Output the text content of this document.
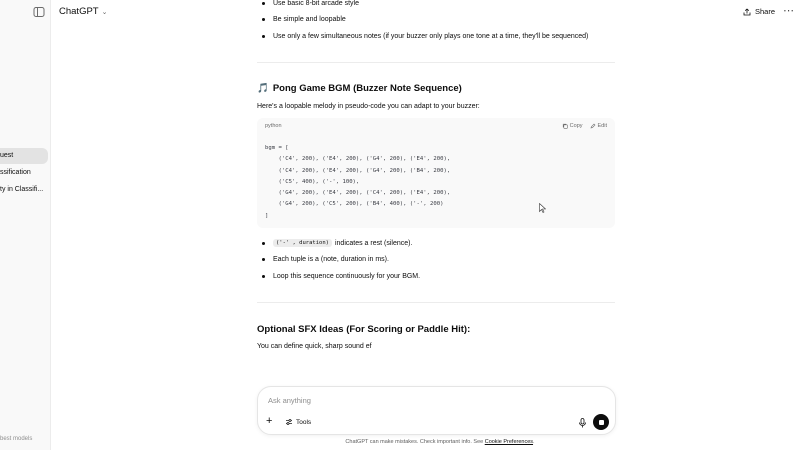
uest
ssification
ty in Classifi...
best models
ChatGPT ⌄	Share ⋯
Use basic 8-bit arcade style
Be simple and loopable
Use only a few simultaneous notes (if your buzzer only plays one tone at a time, they'll be sequenced)
🎵 Pong Game BGM (Buzzer Note Sequence)
Here's a loopable melody in pseudo-code you can adapt to your buzzer:
python	Copy	Edit
bgm = [
('C4', 200), ('E4', 200), ('G4', 200), ('E4', 200),
('C4', 200), ('E4', 200), ('G4', 200), ('B4', 200),
('C5', 400), ('-', 100),
('G4', 200), ('E4', 200), ('C4', 200), ('E4', 200),
('G4', 200), ('C5', 200), ('B4', 400), ('-', 200)
]
('-' , duration) indicates a rest (silence).
Each tuple is a (note, duration in ms).
Loop this sequence continuously for your BGM.
Optional SFX Ideas (For Scoring or Paddle Hit):
You can define quick, sharp sound ef
Ask anything
+	Tools
ChatGPT can make mistakes. Check important info. See Cookie Preferences.
